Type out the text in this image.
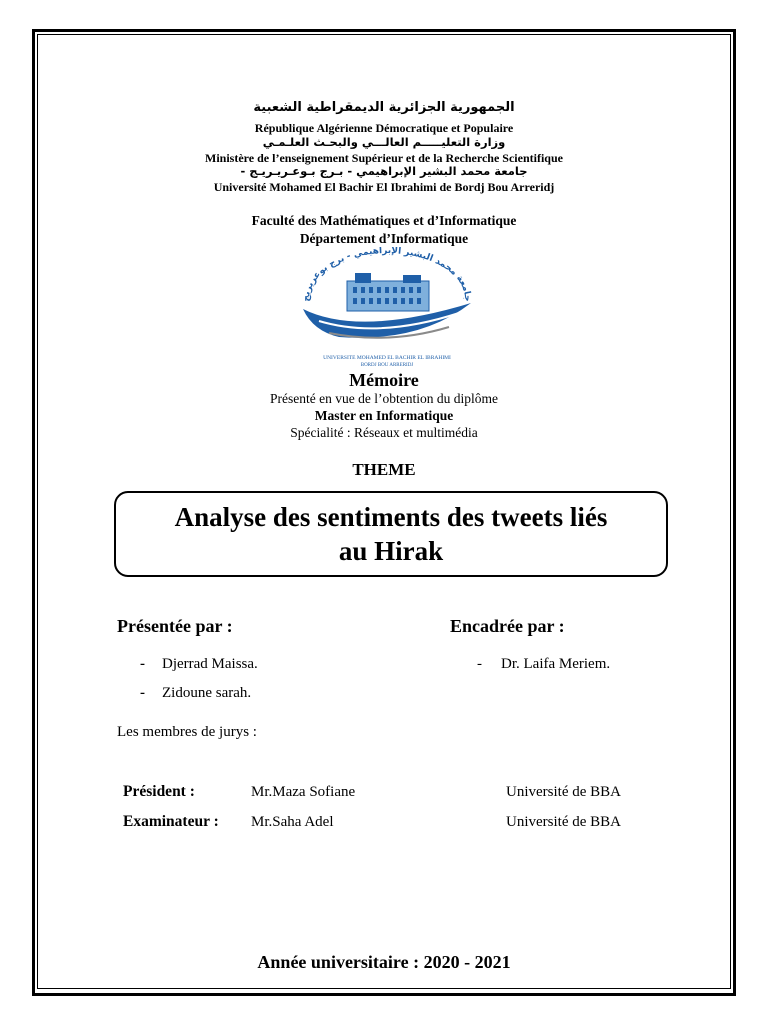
الجمهورية الجزائرية الديمقراطية الشعبية
République Algérienne Démocratique et Populaire
وزارة التعليـــــم العالـــي والبحـث العلـمـي
Ministère de l’enseignement Supérieur et de la Recherche Scientifique
جامعة محمد البشير الإبراهيمي - بـرج بـوعـريـريـج -
Université Mohamed El Bachir El Ibrahimi de Bordj Bou Arreridj
Faculté des Mathématiques et d’Informatique
Département d’Informatique
جامعة محمد البشير الإبراهيمي - برج بوعريريج
UNIVERSITE MOHAMED EL BACHIR EL IBRAHIMI
BORDJ BOU ARRERIDJ
Mémoire
Présenté en vue de l’obtention du diplôme
Master en Informatique
Spécialité : Réseaux et multimédia
THEME
Analyse des sentiments des tweets liés
au Hirak
Présentée par :	Encadrée par :
- Djerrad Maissa.
- Zidoune sarah.
- Dr. Laifa Meriem.
Les membres de jurys :
Président :	Mr.Maza Sofiane	Université de BBA
Examinateur : Mr.Saha Adel	Université de BBA
Année universitaire : 2020 - 2021
